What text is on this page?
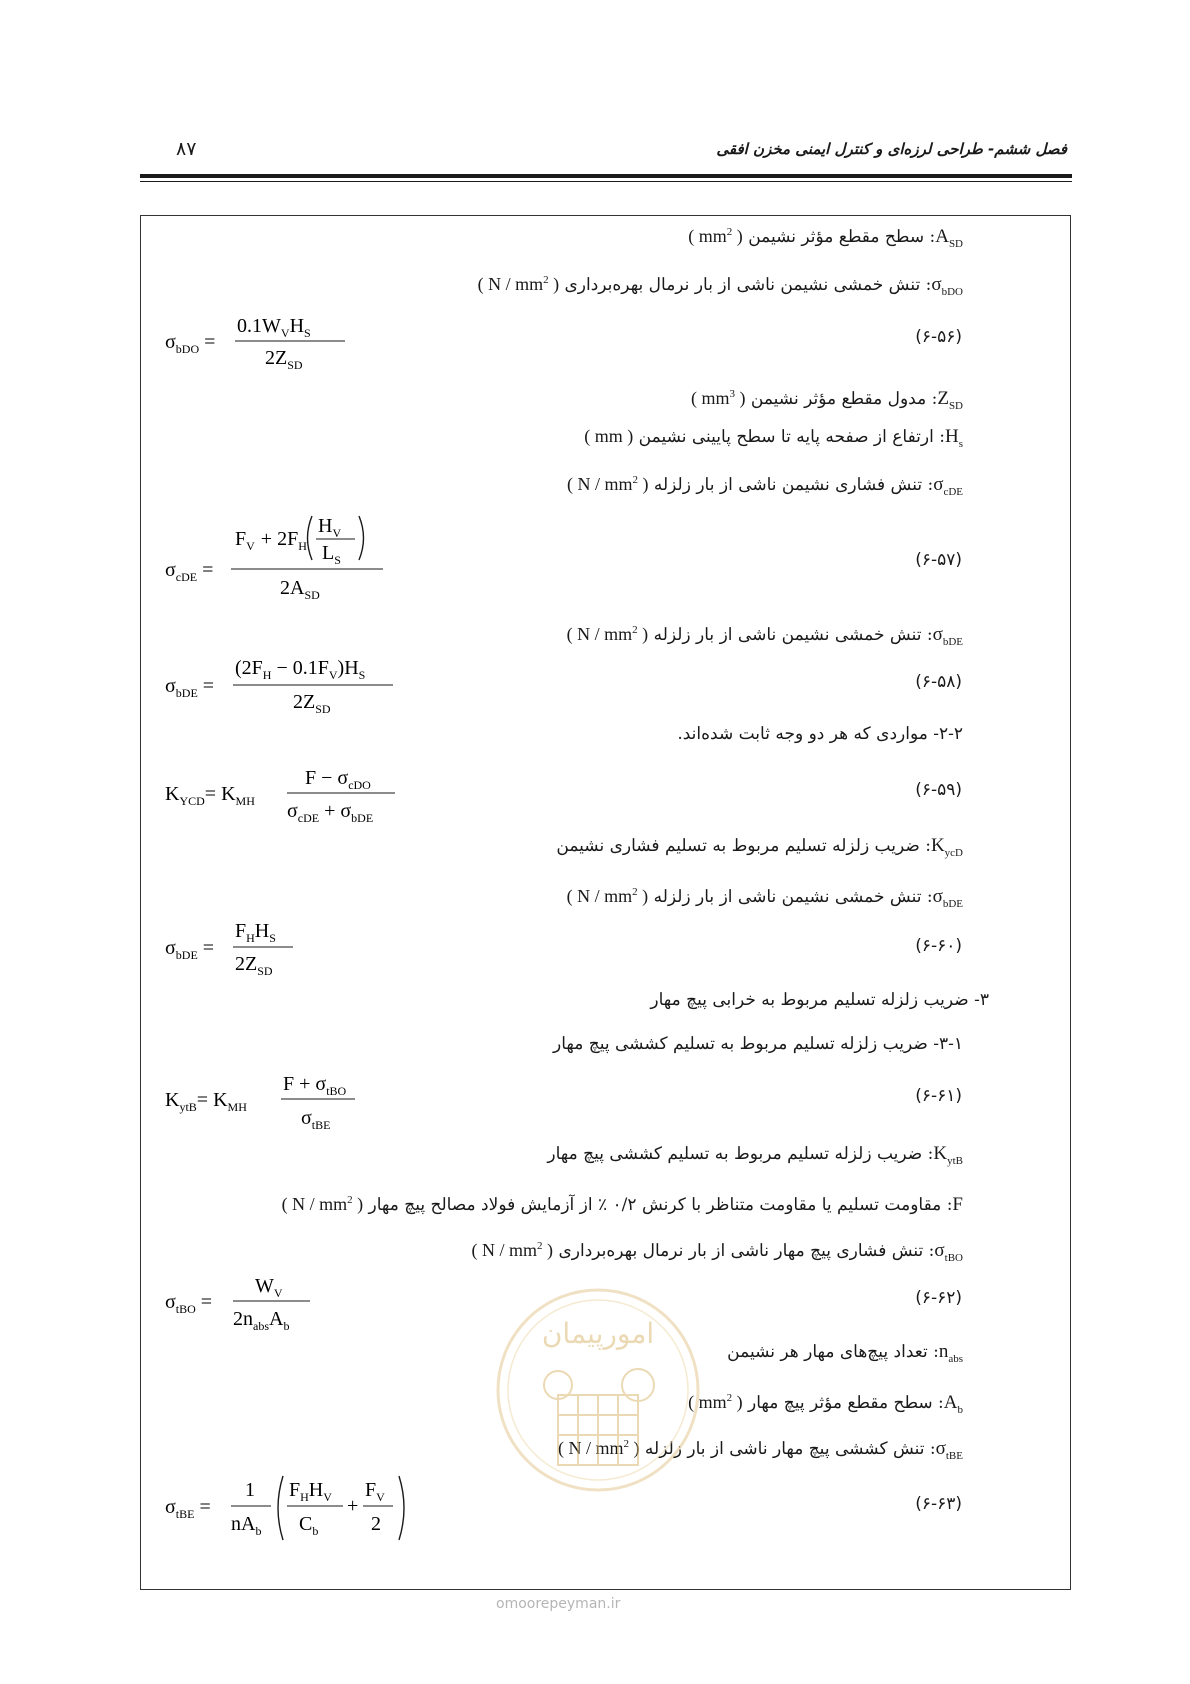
۸۷	فصل ششم- طراحی لرزه‌ای و کنترل ایمنی مخزن افقی
$A_{SD}$: سطح مقطع مؤثر نشیمن ( $mm^2$ )
$\sigma_{bDO}$: تنش خمشی نشیمن ناشی از بار نرمال بهره‌برداری ( N / $mm^2$ )
$\sigma_{bDO}$ =
$0.1W_VH_S$
$2Z_{SD}$
(۶-۵۶)
$Z_{SD}$: مدول مقطع مؤثر نشیمن ( $mm^3$ )
$H_s$: ارتفاع از صفحه پایه تا سطح پایینی نشیمن ( mm )
$\sigma_{cDE}$: تنش فشاری نشیمن ناشی از بار زلزله ( N / $mm^2$ )
$\sigma_{cDE}$ =
$F_V + 2F_H$
$H_V$
$L_S$
$2A_{SD}$
(۶-۵۷)
$\sigma_{bDE}$: تنش خمشی نشیمن ناشی از بار زلزله ( N / $mm^2$ )
$\sigma_{bDE}$ =
$(2F_H - 0.1F_V)H_S$
$2Z_{SD}$
(۶-۵۸)
۲-۲- مواردی که هر دو وجه ثابت شده‌اند.
$K_{YCD}= K_{MH}$
$F - \sigma_{cDO}$
$\sigma_{cDE} + \sigma_{bDE}$
(۶-۵۹)
$K_{ycD}$: ضریب زلزله تسلیم مربوط به تسلیم فشاری نشیمن
$\sigma_{bDE}$: تنش خمشی نشیمن ناشی از بار زلزله ( N / $mm^2$ )
$\sigma_{bDE}$ =
$F_HH_S$
$2Z_{SD}$
(۶-۶۰)
۳- ضریب زلزله تسلیم مربوط به خرابی پیچ مهار
۳-۱- ضریب زلزله تسلیم مربوط به تسلیم کششی پیچ مهار
$K_{ytB}= K_{MH}$
$F + \sigma_{tBO}$
$\sigma_{tBE}$
(۶-۶۱)
$K_{ytB}$: ضریب زلزله تسلیم مربوط به تسلیم کششی پیچ مهار
F: مقاومت تسلیم یا مقاومت متناظر با کرنش ۰/۲ ٪ از آزمایش فولاد مصالح پیچ مهار ( N / $mm^2$ )
$\sigma_{tBO}$: تنش فشاری پیچ مهار ناشی از بار نرمال بهره‌برداری ( N / $mm^2$ )
$\sigma_{tBO}$ =
$W_V$
$2n_{abs}A_b$
(۶-۶۲)
$n_{abs}$: تعداد پیچ‌های مهار هر نشیمن
$A_b$: سطح مقطع مؤثر پیچ مهار ( $mm^2$ )
$\sigma_{tBE}$: تنش کششی پیچ مهار ناشی از بار زلزله ( N / $mm^2$ )
$\sigma_{tBE}$ =
1
$nA_b$
$F_HH_V$
$C_b$
+
$F_V$
2
(۶-۶۳)
امورپیمان
omoorepeyman.ir
